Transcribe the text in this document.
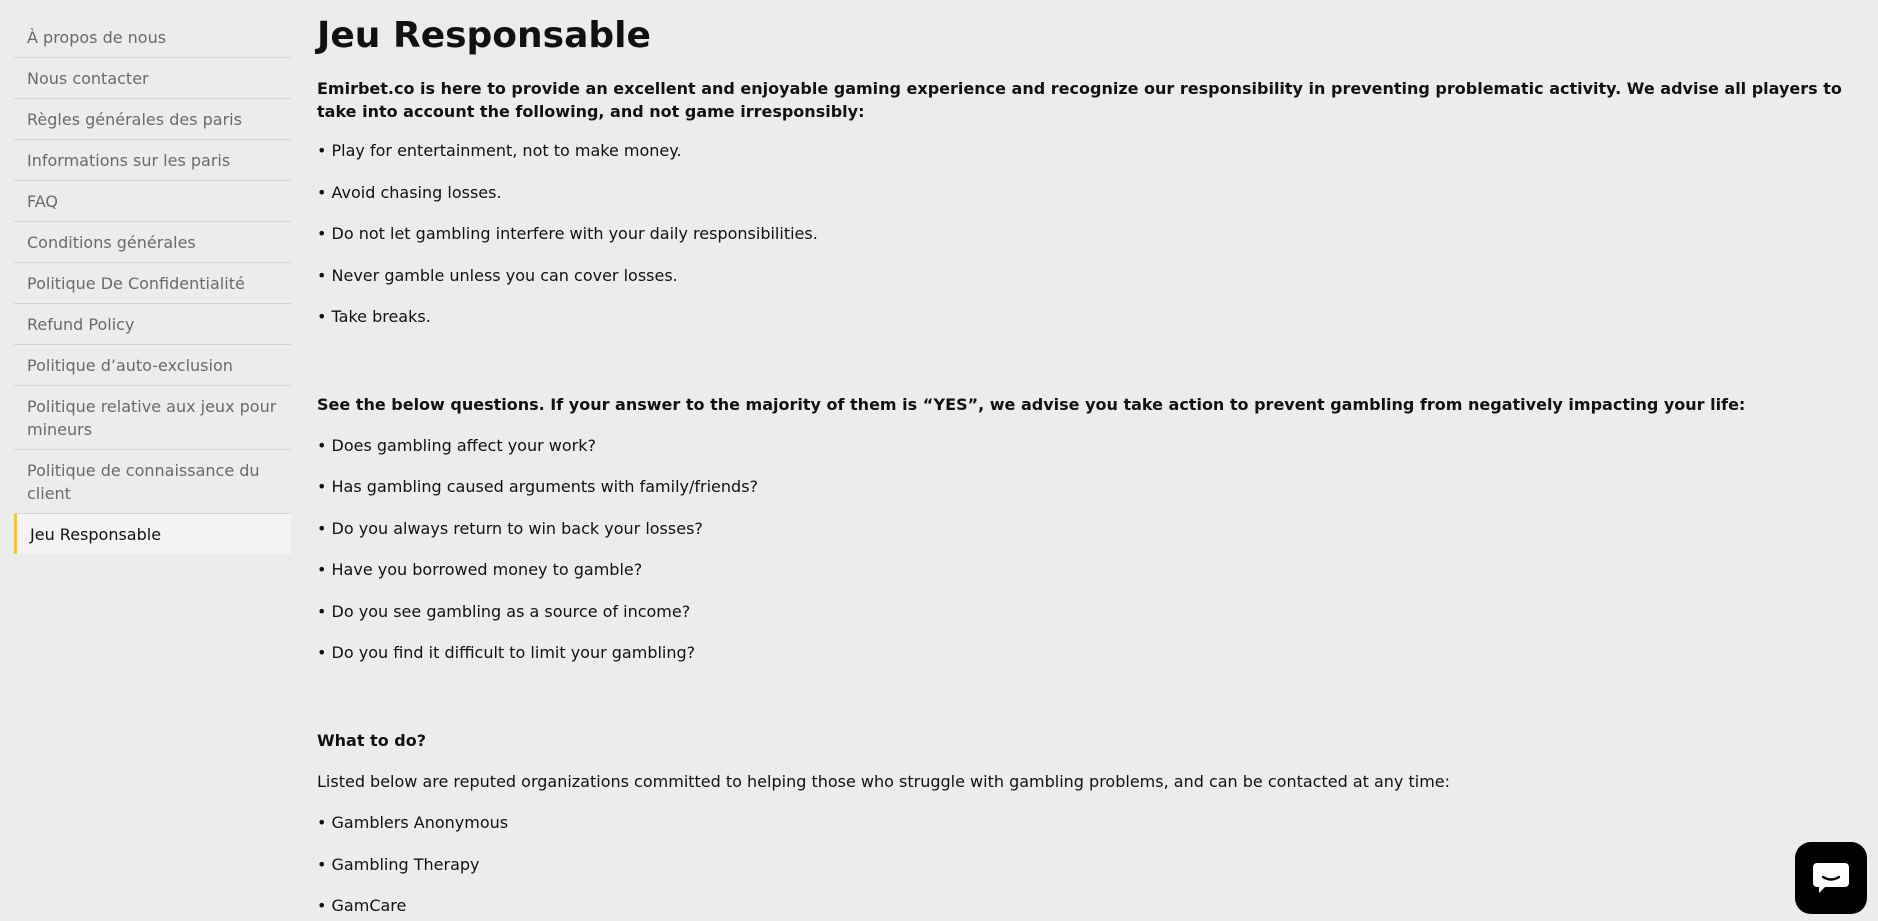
À propos de nous
Nous contacter
Règles générales des paris
Informations sur les paris
FAQ
Conditions générales
Politique De Confidentialité
Refund Policy
Politique d’auto-exclusion
Politique relative aux jeux pour mineurs
Politique de connaissance du client
Jeu Responsable
Jeu Responsable

Emirbet.co is here to provide an excellent and enjoyable gaming experience and recognize our responsibility in preventing problematic activity. We advise all players to take into account the following, and not game irresponsibly:

• Play for entertainment, not to make money.

• Avoid chasing losses.

• Do not let gambling interfere with your daily responsibilities.

• Never gamble unless you can cover losses.

• Take breaks.

See the below questions. If your answer to the majority of them is “YES”, we advise you take action to prevent gambling from negatively impacting your life:

• Does gambling affect your work?

• Has gambling caused arguments with family/friends?

• Do you always return to win back your losses?

• Have you borrowed money to gamble?

• Do you see gambling as a source of income?

• Do you find it difficult to limit your gambling?

What to do?

Listed below are reputed organizations committed to helping those who struggle with gambling problems, and can be contacted at any time:

• Gamblers Anonymous

• Gambling Therapy

• GamCare
